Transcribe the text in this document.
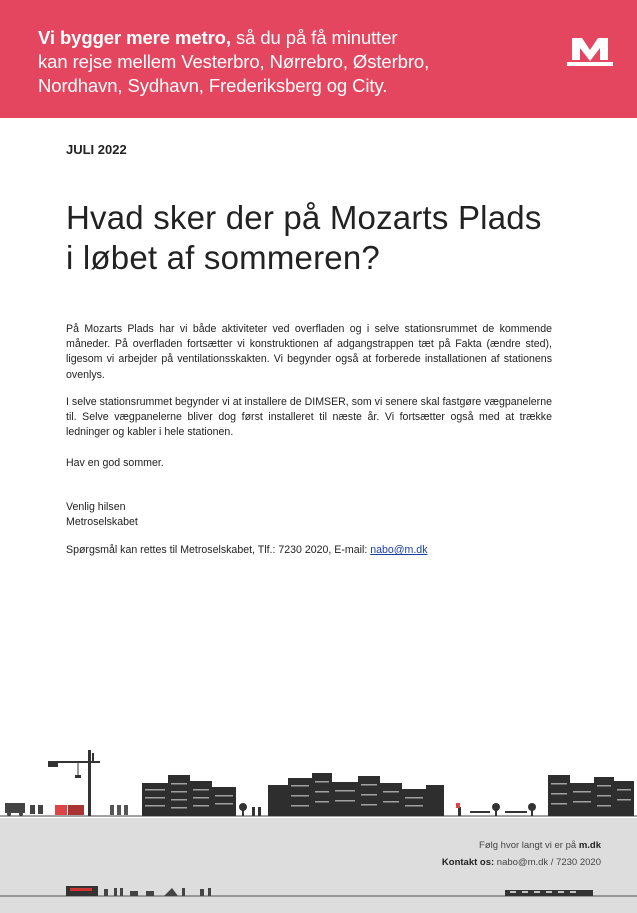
Vi bygger mere metro, så du på få minutter
kan rejse mellem Vesterbro, Nørrebro, Østerbro,
Nordhavn, Sydhavn, Frederiksberg og City.
JULI 2022
Hvad sker der på Mozarts Plads
i løbet af sommeren?

På Mozarts Plads har vi både aktiviteter ved overfladen og i selve stationsrummet de kommende måneder. På overfladen fortsætter vi konstruktionen af adgangstrappen tæt på Fakta (ændre sted), ligesom vi arbejder på ventilationsskakten. Vi begynder også at forberede installationen af stationens ovenlys.

I selve stationsrummet begynder vi at installere de DIMSER, som vi senere skal fastgøre vægpanelerne til. Selve vægpanelerne bliver dog først installeret til næste år. Vi fortsætter også med at trække ledninger og kabler i hele stationen.

Hav en god sommer.

Venlig hilsen
Metroselskabet

Spørgsmål kan rettes til Metroselskabet, Tlf.: 7230 2020, E-mail: nabo@m.dk

Følg hvor langt vi er på m.dk
Kontakt os: nabo@m.dk / 7230 2020
